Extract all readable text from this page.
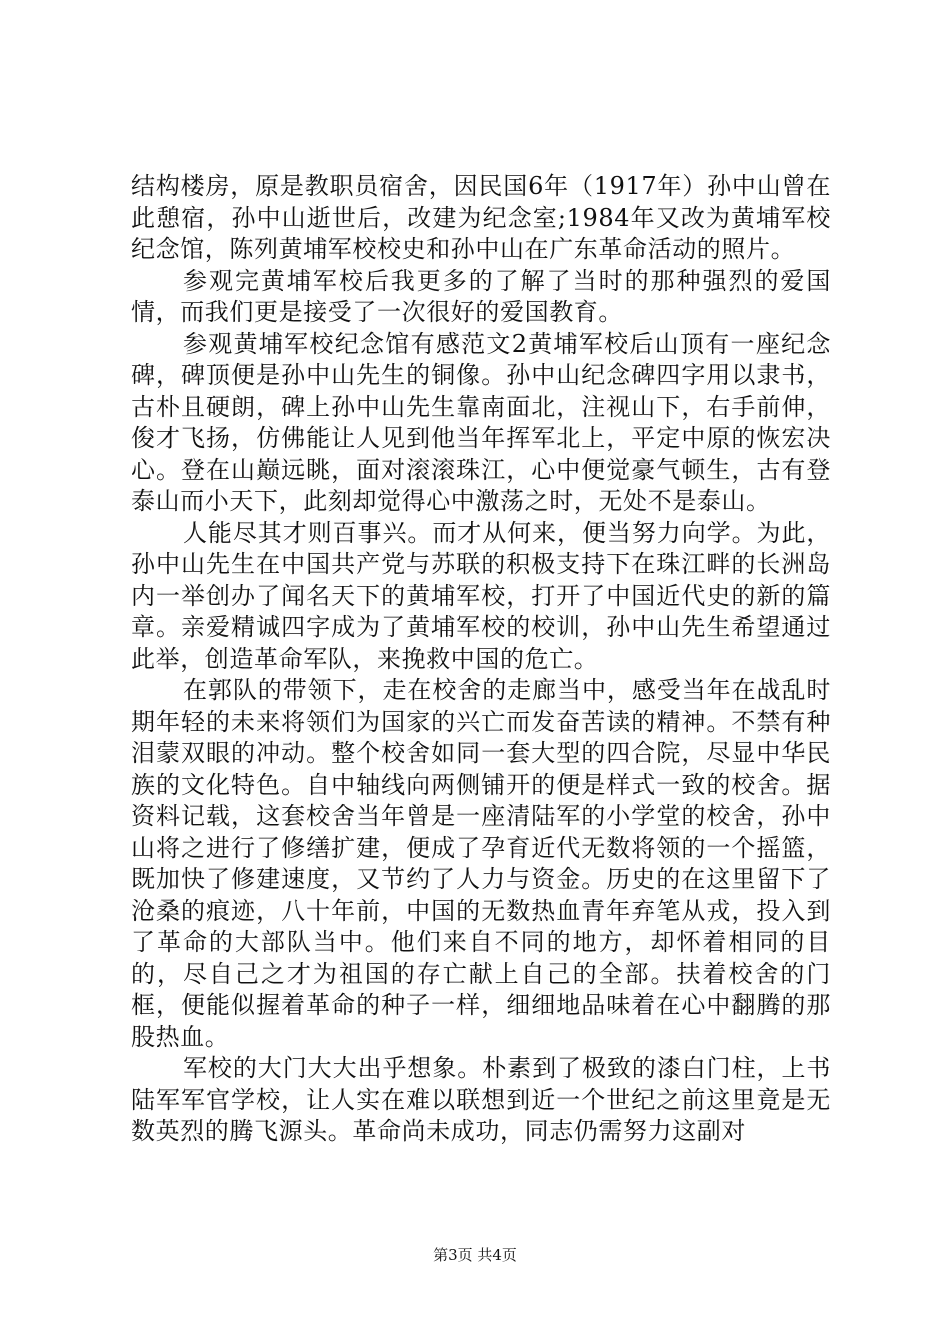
结构楼房，原是教职员宿舍，因民国6年（1917年）孙中山曾在此憩宿，孙中山逝世后，改建为纪念室;1984年又改为黄埔军校纪念馆，陈列黄埔军校校史和孙中山在广东革命活动的照片。

参观完黄埔军校后我更多的了解了当时的那种强烈的爱国情，而我们更是接受了一次很好的爱国教育。

参观黄埔军校纪念馆有感范文2黄埔军校后山顶有一座纪念碑，碑顶便是孙中山先生的铜像。孙中山纪念碑四字用以隶书，古朴且硬朗，碑上孙中山先生靠南面北，注视山下，右手前伸，俊才飞扬，仿佛能让人见到他当年挥军北上，平定中原的恢宏决心。登在山巅远眺，面对滚滚珠江，心中便觉豪气顿生，古有登泰山而小天下，此刻却觉得心中激荡之时，无处不是泰山。

人能尽其才则百事兴。而才从何来，便当努力向学。为此，孙中山先生在中国共产党与苏联的积极支持下在珠江畔的长洲岛内一举创办了闻名天下的黄埔军校，打开了中国近代史的新的篇章。亲爱精诚四字成为了黄埔军校的校训，孙中山先生希望通过此举，创造革命军队，来挽救中国的危亡。

在郭队的带领下，走在校舍的走廊当中，感受当年在战乱时期年轻的未来将领们为国家的兴亡而发奋苦读的精神。不禁有种泪蒙双眼的冲动。整个校舍如同一套大型的四合院，尽显中华民族的文化特色。自中轴线向两侧铺开的便是样式一致的校舍。据资料记载，这套校舍当年曾是一座清陆军的小学堂的校舍，孙中山将之进行了修缮扩建，便成了孕育近代无数将领的一个摇篮，既加快了修建速度，又节约了人力与资金。历史的在这里留下了沧桑的痕迹，八十年前，中国的无数热血青年弃笔从戎，投入到了革命的大部队当中。他们来自不同的地方，却怀着相同的目的，尽自己之才为祖国的存亡献上自己的全部。扶着校舍的门框，便能似握着革命的种子一样，细细地品味着在心中翻腾的那股热血。

军校的大门大大出乎想象。朴素到了极致的漆白门柱，上书陆军军官学校，让人实在难以联想到近一个世纪之前这里竟是无数英烈的腾飞源头。革命尚未成功，同志仍需努力这副对

第3页 共4页
